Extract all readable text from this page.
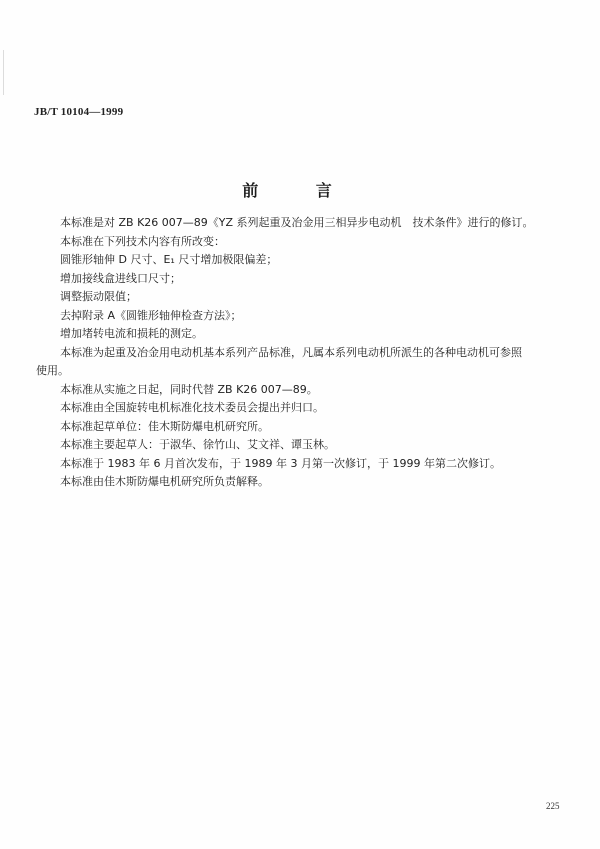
JB/T 10104—1999
前 言

本标准是对 ZB K26 007—89《YZ 系列起重及冶金用三相异步电动机　技术条件》进行的修订。

本标准在下列技术内容有所改变：

圆锥形轴伸 D 尺寸、E₁ 尺寸增加极限偏差；

增加接线盒进线口尺寸；

调整振动限值；

去掉附录 A《圆锥形轴伸检查方法》；

增加堵转电流和损耗的测定。

本标准为起重及冶金用电动机基本系列产品标准，凡属本系列电动机所派生的各种电动机可参照

使用。

本标准从实施之日起，同时代替 ZB K26 007—89。

本标准由全国旋转电机标准化技术委员会提出并归口。

本标准起草单位：佳木斯防爆电机研究所。

本标准主要起草人：于淑华、徐竹山、艾文祥、谭玉林。

本标准于 1983 年 6 月首次发布，于 1989 年 3 月第一次修订，于 1999 年第二次修订。

本标准由佳木斯防爆电机研究所负责解释。

225
